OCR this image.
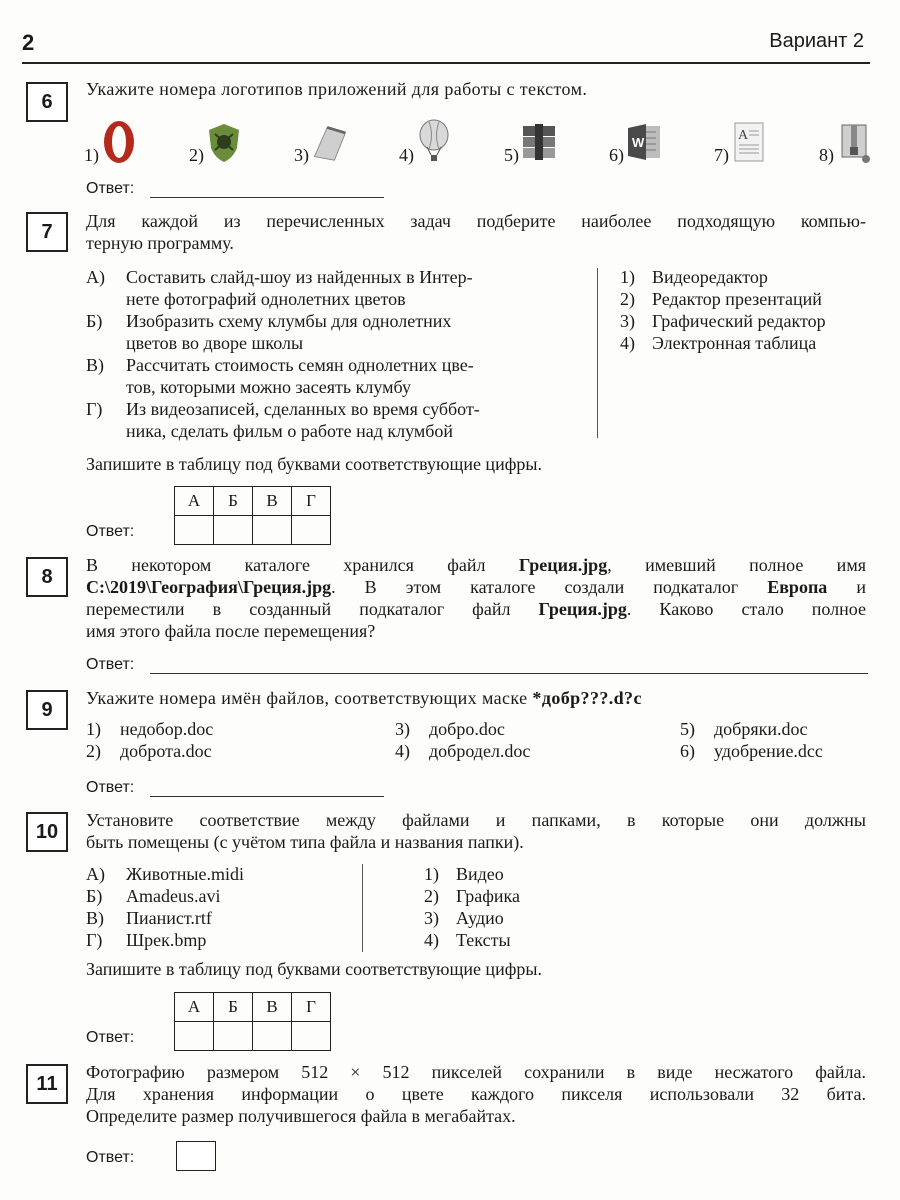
2	Вариант 2
6
Укажите номера логотипов приложений для работы с текстом.
1)	2)	3)	4)	5)	6)
W
7)
A
8)
Ответ:
7	Для каждой из перечисленных задач подберите наиболее подходящую компью-
терную программу.
А)	Составить слайд-шоу из найденных в Интер-
нете фотографий однолетних цветов
Б)	Изобразить схему клумбы для однолетних
цветов во дворе школы
В)	Рассчитать стоимость семян однолетних цве-
тов, которыми можно засеять клумбу
Г)	Из видеозаписей, сделанных во время суббот-
ника, сделать фильм о работе над клумбой
1) Видеоредактор
2) Редактор презентаций
3) Графический редактор
4) Электронная таблица
Запишите в таблицу под буквами соответствующие цифры.
Ответ:
А	Б	В	Г

8
В некотором каталоге хранился файл Греция.jpg, имевший полное имя
C:\2019\География\Греция.jpg. В этом каталоге создали подкаталог Европа и
переместили в созданный подкаталог файл Греция.jpg. Каково стало полное
имя этого файла после перемещения?
Ответ:
9
Укажите номера имён файлов, соответствующих маске *добр???.d?c
1)	недобор.doc
2)	доброта.doc
3)	добро.doc
4)	добродел.doc
5)	добряки.doc
6)	удобрение.dcc
Ответ:
10
Установите соответствие между файлами и папками, в которые они должны
быть помещены (с учётом типа файла и названия папки).
А)	Животные.midi
Б)	Amadeus.avi
В)	Пианист.rtf
Г)	Шрек.bmp
1) Видео
2) Графика
3) Аудио
4) Тексты
Запишите в таблицу под буквами соответствующие цифры.
Ответ:
А	Б	В	Г

11
Фотографию размером 512 × 512 пикселей сохранили в виде несжатого файла.
Для хранения информации о цвете каждого пикселя использовали 32 бита.
Определите размер получившегося файла в мегабайтах.
Ответ:
